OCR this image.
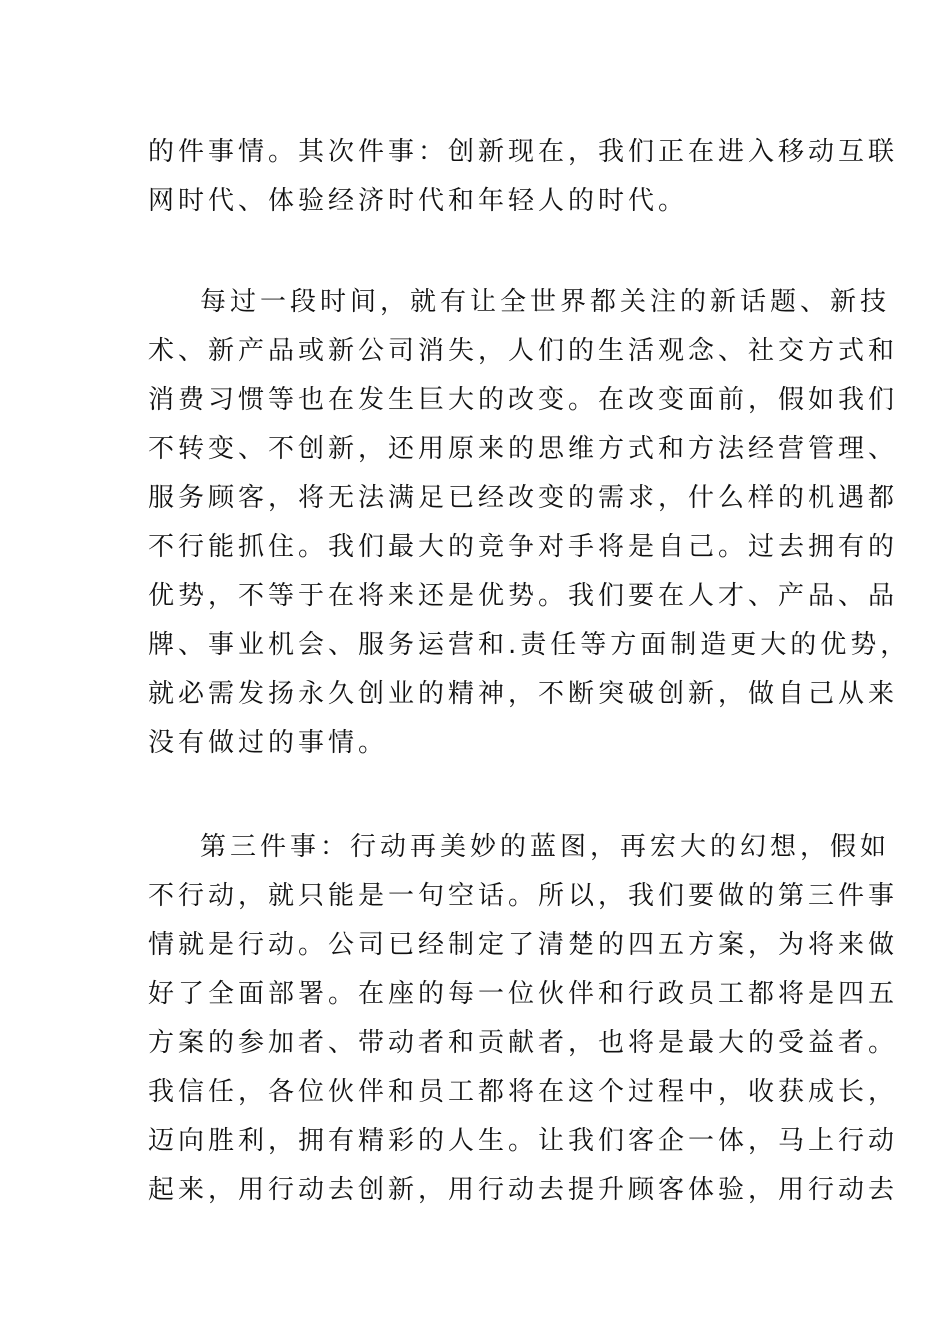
的件事情。其次件事：创新现在，我们正在进入移动互联
网时代、体验经济时代和年轻人的时代。
每过一段时间，就有让全世界都关注的新话题、新技
术、新产品或新公司消失，人们的生活观念、社交方式和
消费习惯等也在发生巨大的改变。在改变面前，假如我们
不转变、不创新，还用原来的思维方式和方法经营管理、
服务顾客，将无法满足已经改变的需求，什么样的机遇都
不行能抓住。我们最大的竞争对手将是自己。过去拥有的
优势，不等于在将来还是优势。我们要在人才、产品、品
牌、事业机会、服务运营和.责任等方面制造更大的优势，
就必需发扬永久创业的精神，不断突破创新，做自己从来
没有做过的事情。
第三件事：行动再美妙的蓝图，再宏大的幻想，假如
不行动，就只能是一句空话。所以，我们要做的第三件事
情就是行动。公司已经制定了清楚的四五方案，为将来做
好了全面部署。在座的每一位伙伴和行政员工都将是四五
方案的参加者、带动者和贡献者，也将是最大的受益者。
我信任，各位伙伴和员工都将在这个过程中，收获成长，
迈向胜利，拥有精彩的人生。让我们客企一体，马上行动
起来，用行动去创新，用行动去提升顾客体验，用行动去
